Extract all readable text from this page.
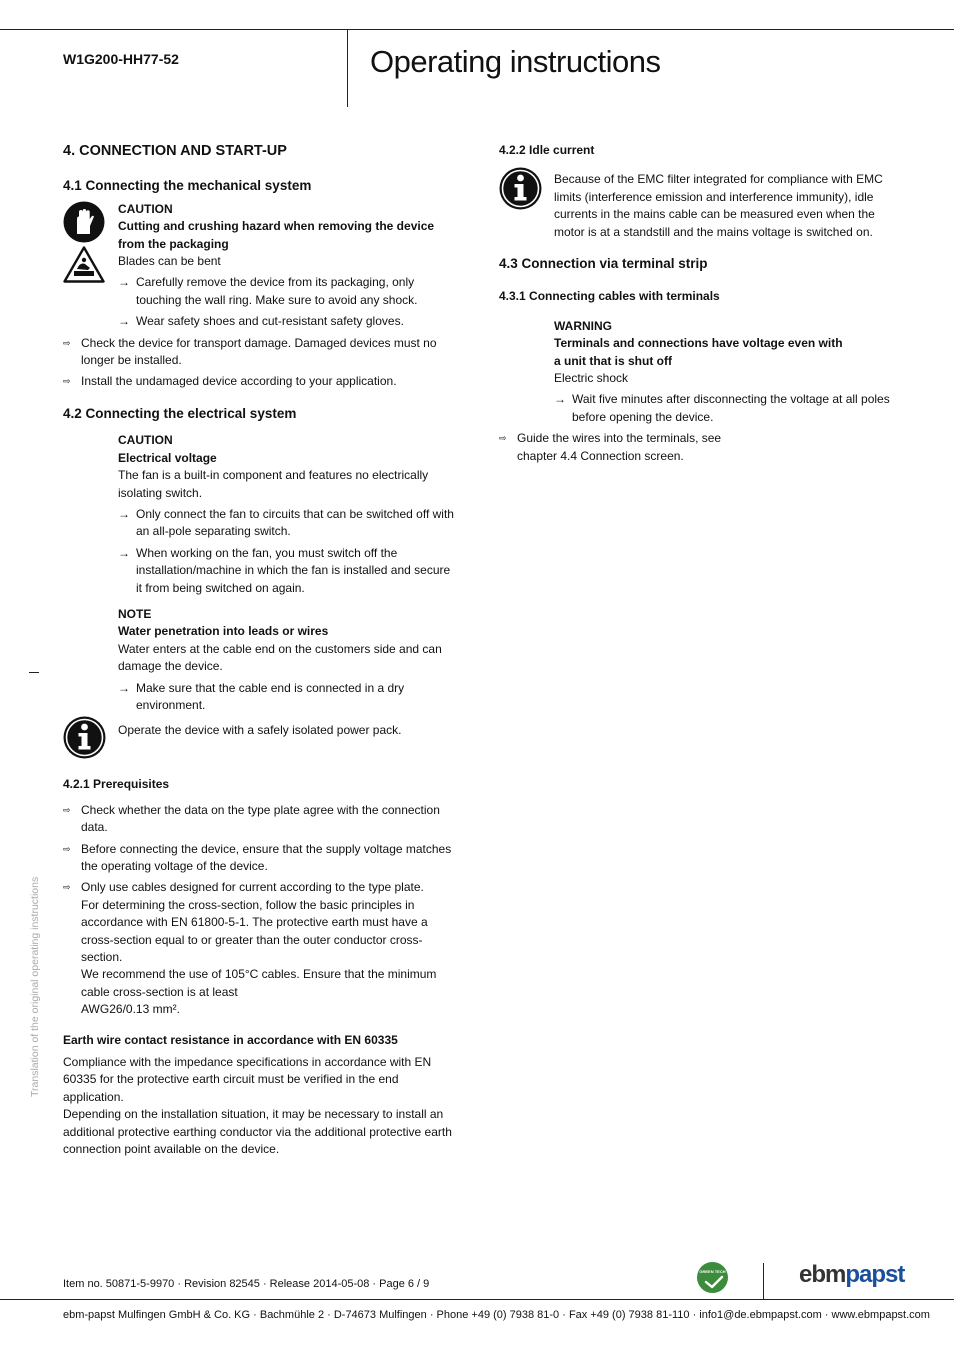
W1G200-HH77-52	Operating instructions

4. CONNECTION AND START-UP

4.1 Connecting the mechanical system

CAUTION

Cutting and crushing hazard when removing the device from the packaging

Blades can be bent

→ Carefully remove the device from its packaging, only touching the wall ring. Make sure to avoid any shock.

→ Wear safety shoes and cut-resistant safety gloves.

⇨ Check the device for transport damage. Damaged devices must no longer be installed.

⇨ Install the undamaged device according to your application.

4.2 Connecting the electrical system

CAUTION

Electrical voltage

The fan is a built-in component and features no electrically isolating switch.

→ Only connect the fan to circuits that can be switched off with an all-pole separating switch.

→ When working on the fan, you must switch off the installation/machine in which the fan is installed and secure it from being switched on again.

NOTE

Water penetration into leads or wires

Water enters at the cable end on the customers side and can damage the device.

→ Make sure that the cable end is connected in a dry environment.

Operate the device with a safely isolated power pack.

4.2.1 Prerequisites

⇨ Check whether the data on the type plate agree with the connection data.

⇨ Before connecting the device, ensure that the supply voltage matches the operating voltage of the device.

⇨ Only use cables designed for current according to the type plate.

For determining the cross-section, follow the basic principles in accordance with EN 61800-5-1. The protective earth must have a cross-section equal to or greater than the outer conductor cross-section.

We recommend the use of 105°C cables. Ensure that the minimum cable cross-section is at least

AWG26/0.13 mm².

Earth wire contact resistance in accordance with EN 60335

Compliance with the impedance specifications in accordance with EN 60335 for the protective earth circuit must be verified in the end application.

Depending on the installation situation, it may be necessary to install an additional protective earthing conductor via the additional protective earth connection point available on the device.

4.2.2 Idle current

Because of the EMC filter integrated for compliance with EMC limits (interference emission and interference immunity), idle currents in the mains cable can be measured even when the motor is at a standstill and the mains voltage is switched on.

4.3 Connection via terminal strip

4.3.1 Connecting cables with terminals

WARNING

Terminals and connections have voltage even with a unit that is shut off

Electric shock

→ Wait five minutes after disconnecting the voltage at all poles before opening the device.

⇨ Guide the wires into the terminals, see

chapter 4.4 Connection screen.

Translation of the original operating instructions
Item no. 50871-5-9970 · Revision 82545 · Release 2014-05-08 · Page 6 / 9
GREEN TECH	ebmpapst
ebm-papst Mulfingen GmbH & Co. KG · Bachmühle 2 · D-74673 Mulfingen · Phone +49 (0) 7938 81-0 · Fax +49 (0) 7938 81-110 · info1@de.ebmpapst.com · www.ebmpapst.com
